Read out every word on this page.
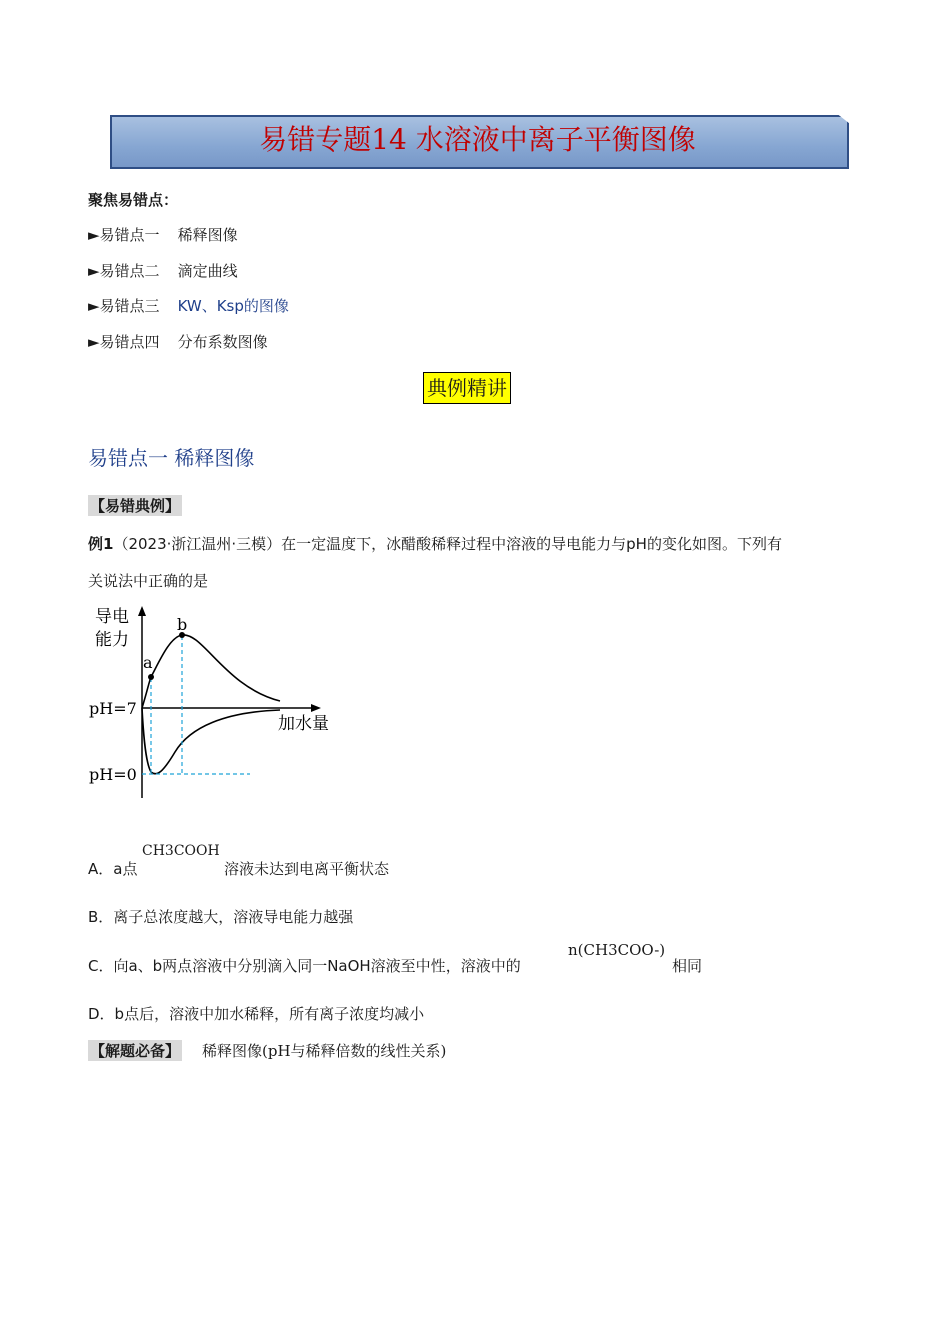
易错专题14 水溶液中离子平衡图像
聚焦易错点：
►易错点一 稀释图像
►易错点二 滴定曲线
►易错点三 KW、Ksp的图像
►易错点四 分布系数图像
典例精讲
易错点一 稀释图像
【易错典例】
例1（2023·浙江温州·三模）在一定温度下，冰醋酸稀释过程中溶液的导电能力与pH的变化如图。下列有
关说法中正确的是
导电
能力
a
b
pH=7
pH=0
加水量
A．a点
CH3COOH
溶液未达到电离平衡状态
B．离子总浓度越大，溶液导电能力越强
C．向a、b两点溶液中分别滴入同一NaOH溶液至中性，溶液中的
n(CH3COO-)
相同
D．b点后，溶液中加水稀释，所有离子浓度均减小
【解题必备】 稀释图像(pH与稀释倍数的线性关系)
